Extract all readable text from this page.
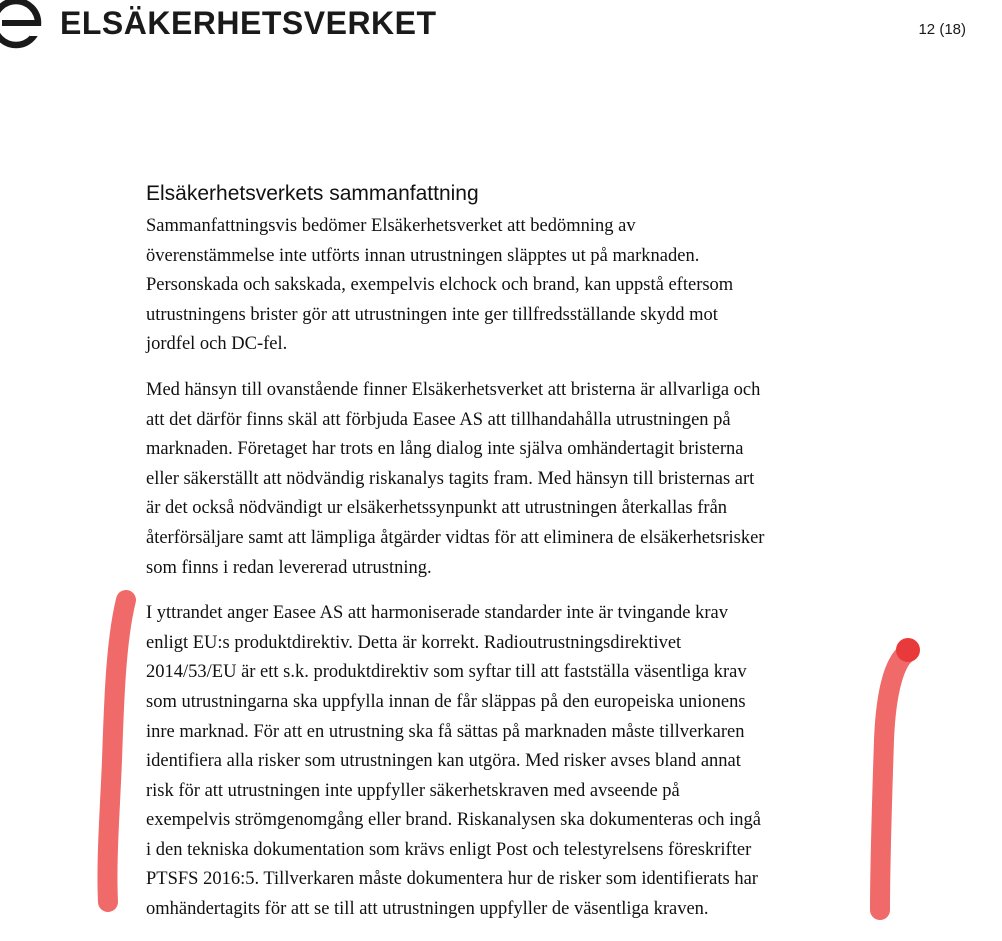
ELSÄKERHETSVERKET	12 (18)
Elsäkerhetsverkets sammanfattning

Sammanfattningsvis bedömer Elsäkerhetsverket att bedömning av
överenstämmelse inte utförts innan utrustningen släpptes ut på marknaden.
Personskada och sakskada, exempelvis elchock och brand, kan uppstå eftersom
utrustningens brister gör att utrustningen inte ger tillfredsställande skydd mot
jordfel och DC-fel.

Med hänsyn till ovanstående finner Elsäkerhetsverket att bristerna är allvarliga och
att det därför finns skäl att förbjuda Easee AS att tillhandahålla utrustningen på
marknaden. Företaget har trots en lång dialog inte själva omhändertagit bristerna
eller säkerställt att nödvändig riskanalys tagits fram. Med hänsyn till bristernas art
är det också nödvändigt ur elsäkerhetssynpunkt att utrustningen återkallas från
återförsäljare samt att lämpliga åtgärder vidtas för att eliminera de elsäkerhetsrisker
som finns i redan levererad utrustning.

I yttrandet anger Easee AS att harmoniserade standarder inte är tvingande krav
enligt EU:s produktdirektiv. Detta är korrekt. Radioutrustningsdirektivet
2014/53/EU är ett s.k. produktdirektiv som syftar till att fastställa väsentliga krav
som utrustningarna ska uppfylla innan de får släppas på den europeiska unionens
inre marknad. För att en utrustning ska få sättas på marknaden måste tillverkaren
identifiera alla risker som utrustningen kan utgöra. Med risker avses bland annat
risk för att utrustningen inte uppfyller säkerhetskraven med avseende på
exempelvis strömgenomgång eller brand. Riskanalysen ska dokumenteras och ingå
i den tekniska dokumentation som krävs enligt Post och telestyrelsens föreskrifter
PTSFS 2016:5. Tillverkaren måste dokumentera hur de risker som identifierats har
omhändertagits för att se till att utrustningen uppfyller de väsentliga kraven.
